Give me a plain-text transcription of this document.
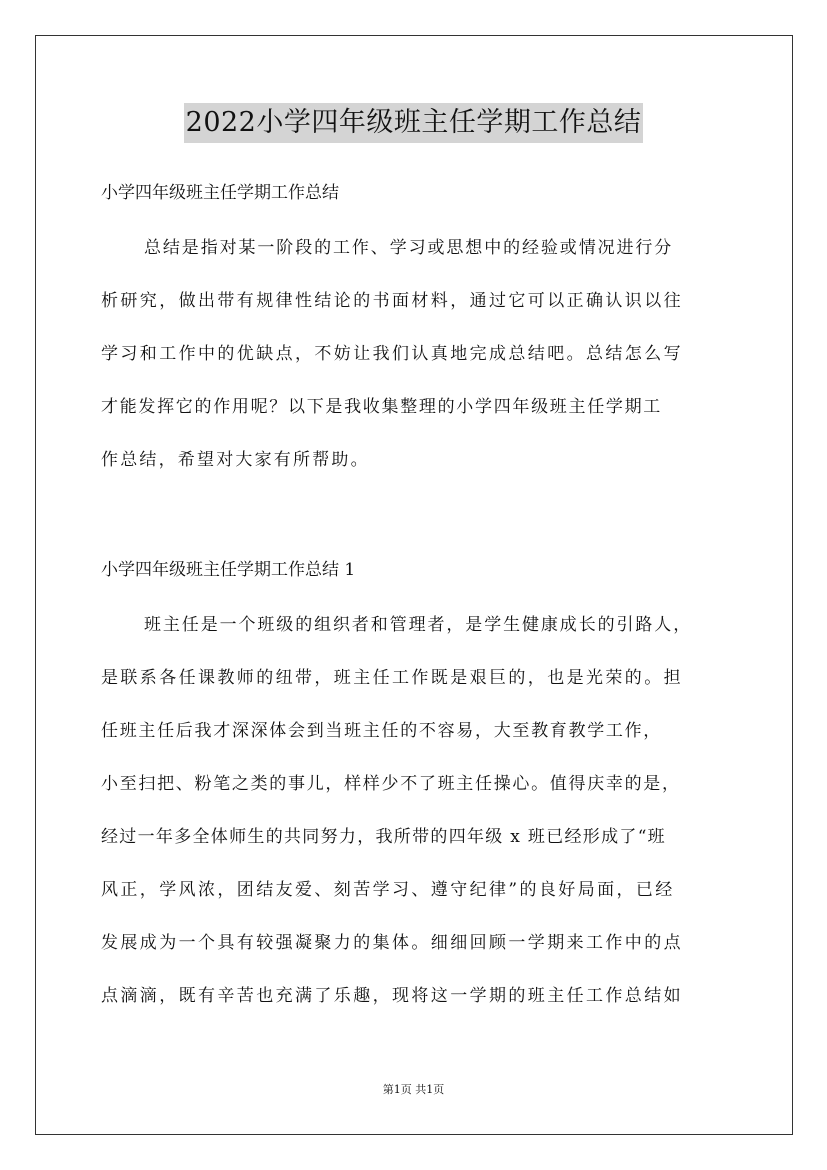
2022小学四年级班主任学期工作总结
小学四年级班主任学期工作总结
总结是指对某一阶段的工作、学习或思想中的经验或情况进行分
析研究，做出带有规律性结论的书面材料，通过它可以正确认识以往
学习和工作中的优缺点，不妨让我们认真地完成总结吧。总结怎么写
才能发挥它的作用呢？以下是我收集整理的小学四年级班主任学期工
作总结，希望对大家有所帮助。
小学四年级班主任学期工作总结 1
班主任是一个班级的组织者和管理者，是学生健康成长的引路人，
是联系各任课教师的纽带，班主任工作既是艰巨的，也是光荣的。担
任班主任后我才深深体会到当班主任的不容易，大至教育教学工作，
小至扫把、粉笔之类的事儿，样样少不了班主任操心。值得庆幸的是，
经过一年多全体师生的共同努力，我所带的四年级 x 班已经形成了“班
风正，学风浓，团结友爱、刻苦学习、遵守纪律”的良好局面，已经
发展成为一个具有较强凝聚力的集体。细细回顾一学期来工作中的点
点滴滴，既有辛苦也充满了乐趣，现将这一学期的班主任工作总结如
第1页 共1页
